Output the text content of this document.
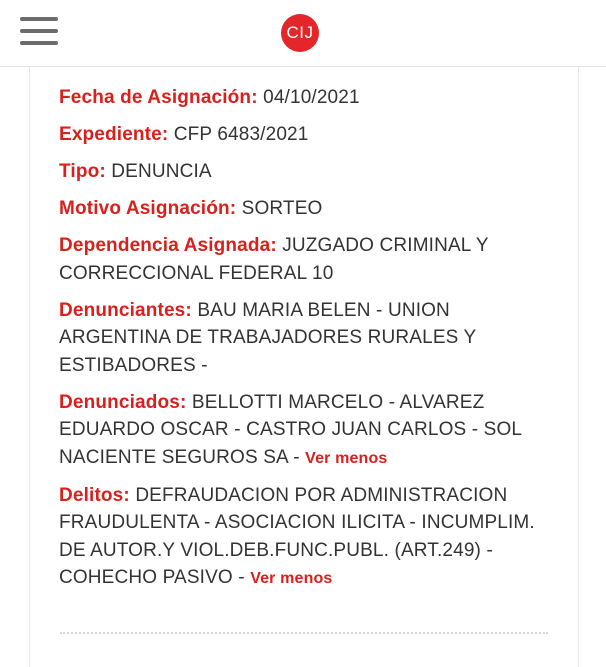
CIJ
Fecha de Asignación: 04/10/2021
Expediente: CFP 6483/2021
Tipo: DENUNCIA
Motivo Asignación: SORTEO
Dependencia Asignada: JUZGADO CRIMINAL Y CORRECCIONAL FEDERAL 10
Denunciantes: BAU MARIA BELEN - UNION ARGENTINA DE TRABAJADORES RURALES Y ESTIBADORES -
Denunciados: BELLOTTI MARCELO - ALVAREZ EDUARDO OSCAR - CASTRO JUAN CARLOS - SOL NACIENTE SEGUROS SA - Ver menos
Delitos: DEFRAUDACION POR ADMINISTRACION FRAUDULENTA - ASOCIACION ILICITA - INCUMPLIM. DE AUTOR.Y VIOL.DEB.FUNC.PUBL. (ART.249) - COHECHO PASIVO - Ver menos
